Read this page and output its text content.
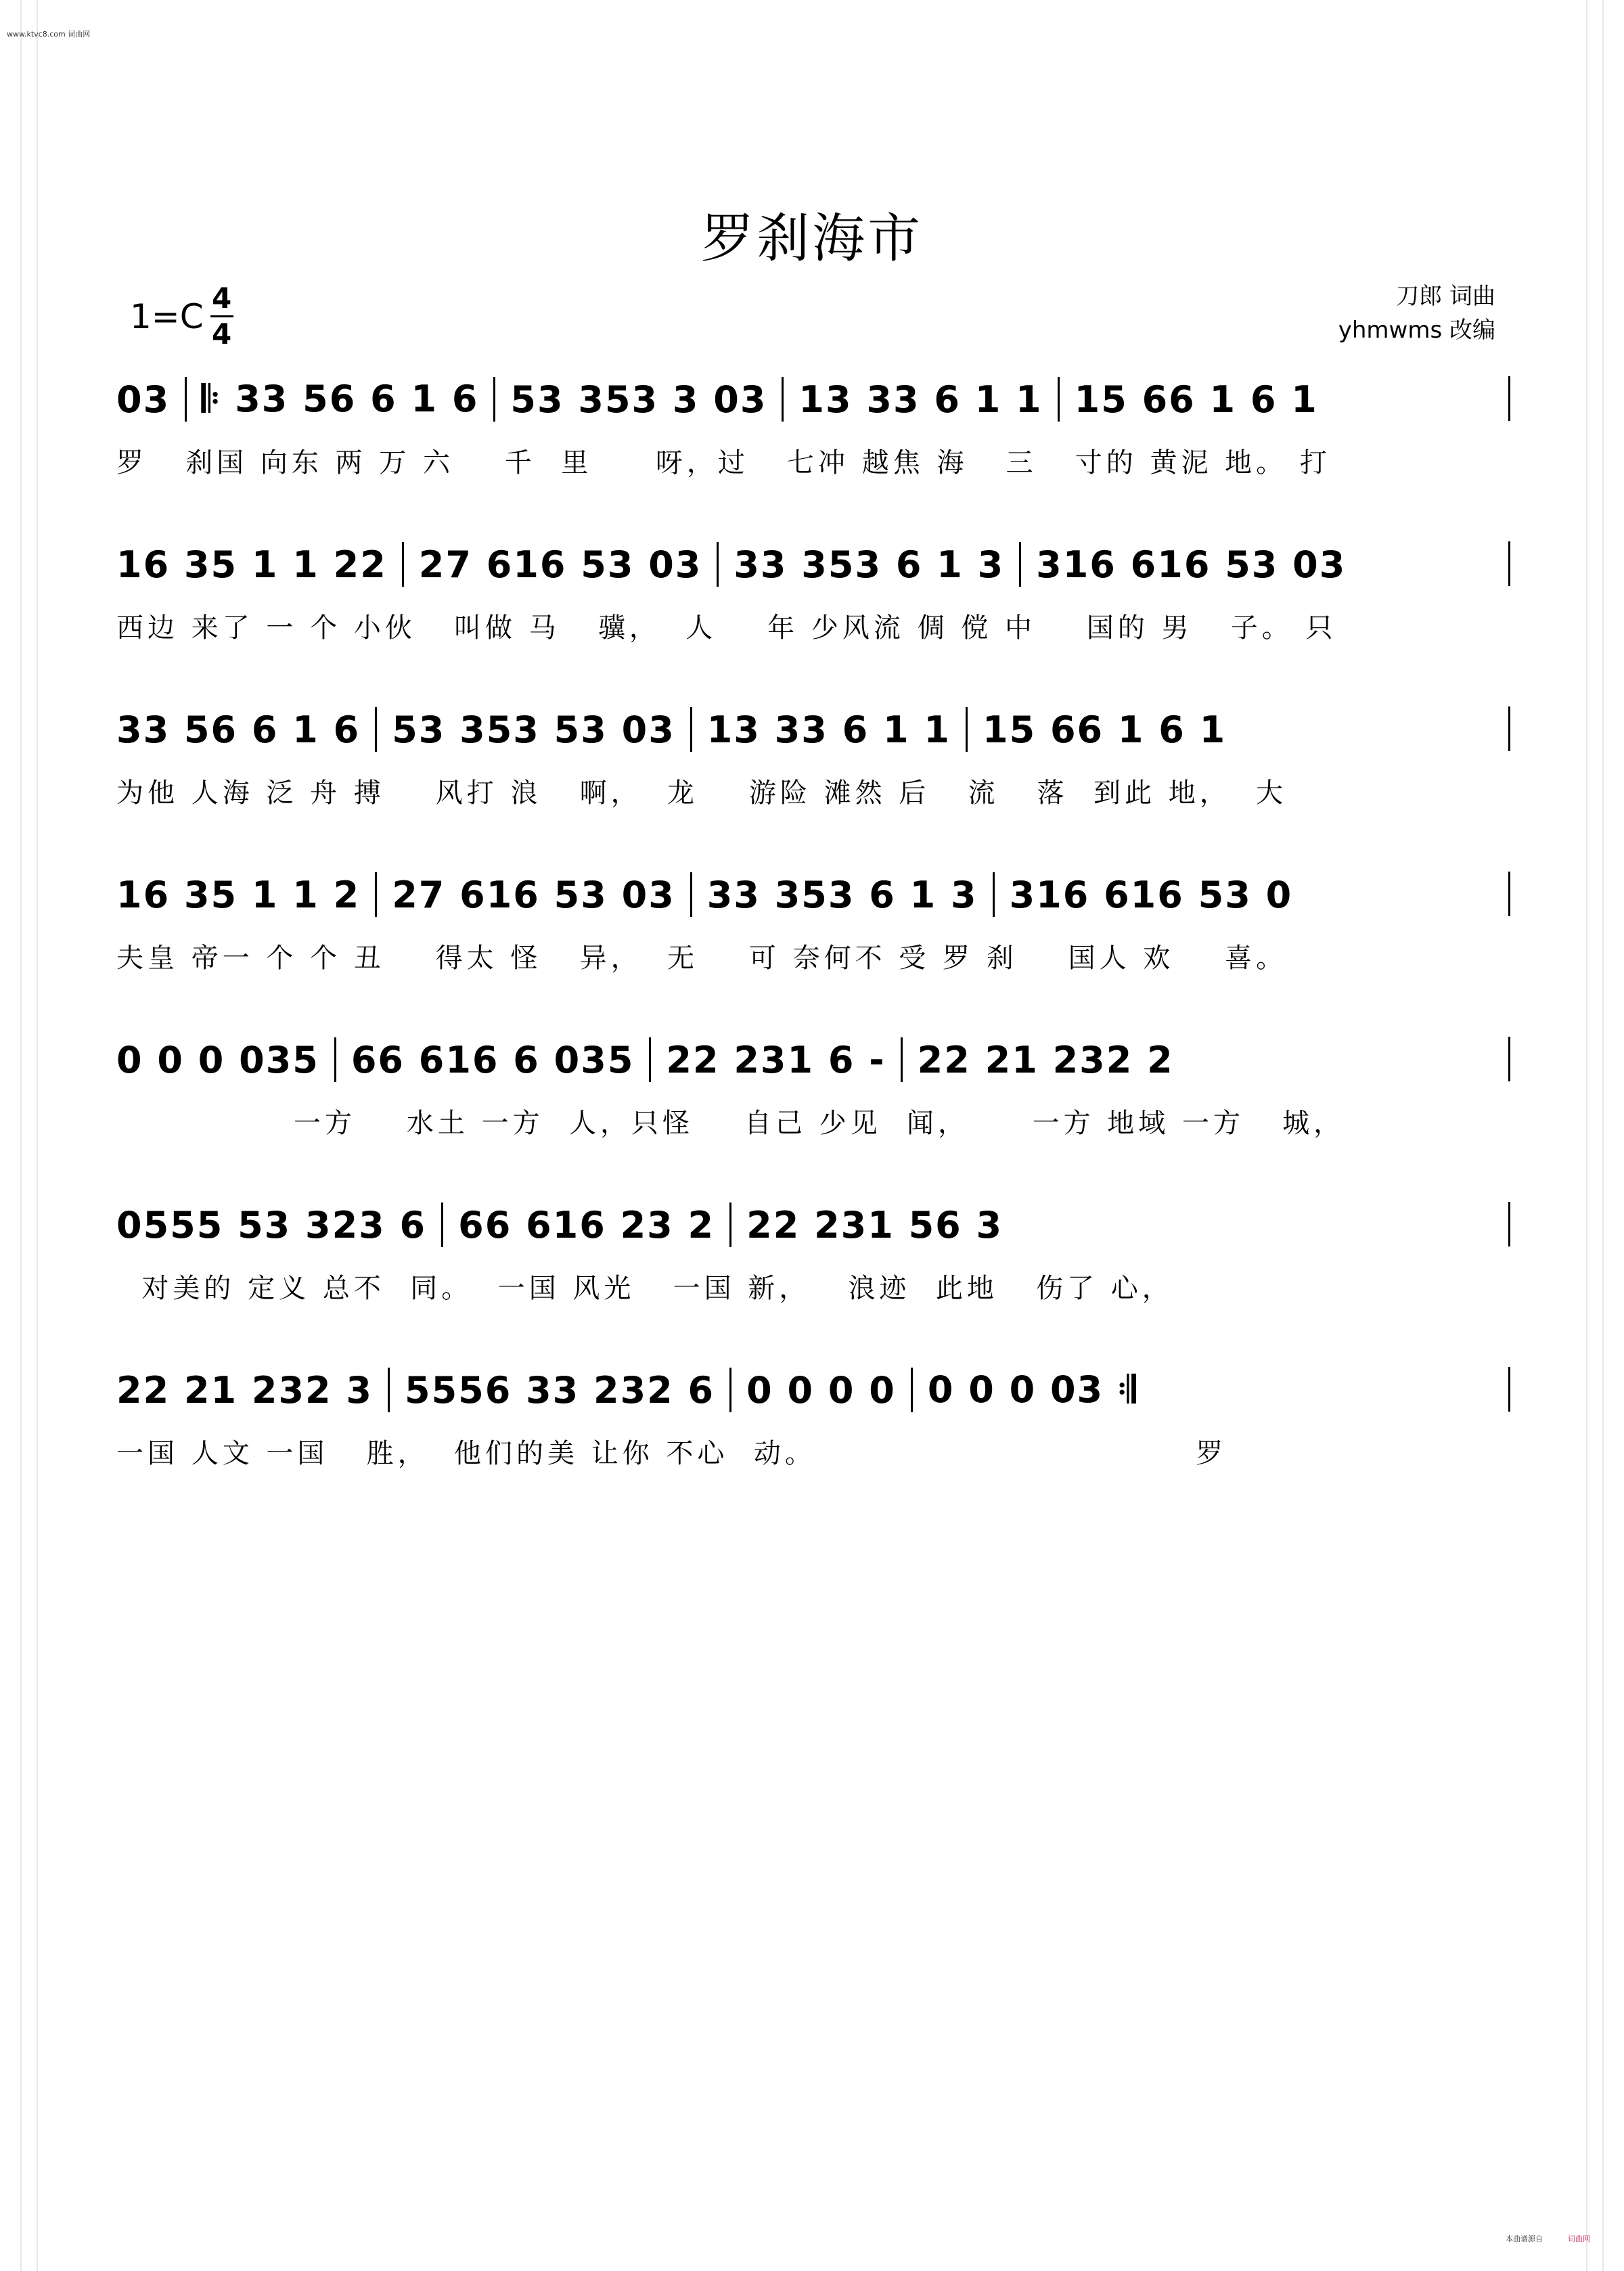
www.ktvc8.com 词曲网
罗刹海市
$1=C \frac{4}{4}$	刀郎 词曲
yhmwms 改编
03 𝄆 33 56 6 1 6 53 353 3 03 13 33 6 1 1 15 66 1 6 1
罗   刹国 向东 两 万 六    千  里     呀，过   七冲 越焦 海   三   寸的 黄泥 地。 打
16 35 1 1 22 27 616 53 03 33 353 6 1 3 316 616 53 03
西边 来了 一 个 小伙   叫做 马   骥，  人    年 少风流 倜 傥 中    国的 男   子。 只
33 56 6 1 6 53 353 53 03 13 33 6 1 1 15 66 1 6 1
为他 人海 泛 舟 搏    风打 浪   啊，  龙    游险 滩然 后   流   落  到此 地，  大
16 35 1 1 2 27 616 53 03 33 353 6 1 3 316 616 53 0
夫皇 帝一 个 个 丑    得太 怪   异，  无    可 奈何不 受 罗 刹    国人 欢    喜。
0 0 0 035 66 616 6 035 22 231 6 - 22 21 232 2
一方    水土 一方  人，只怪    自己 少见  闻，     一方 地域 一方   城，
0555 53 323 6 66 616 23 2 22 231 56 3
对美的 定义 总不  同。  一国 风光   一国 新，   浪迹  此地   伤了 心，
22 21 232 3 5556 33 232 6 0 0 0 0 0 0 0 03 𝄇
一国 人文 一国   胜，  他们的美 让你 不心  动。                              罗
本曲谱源自	词曲网
